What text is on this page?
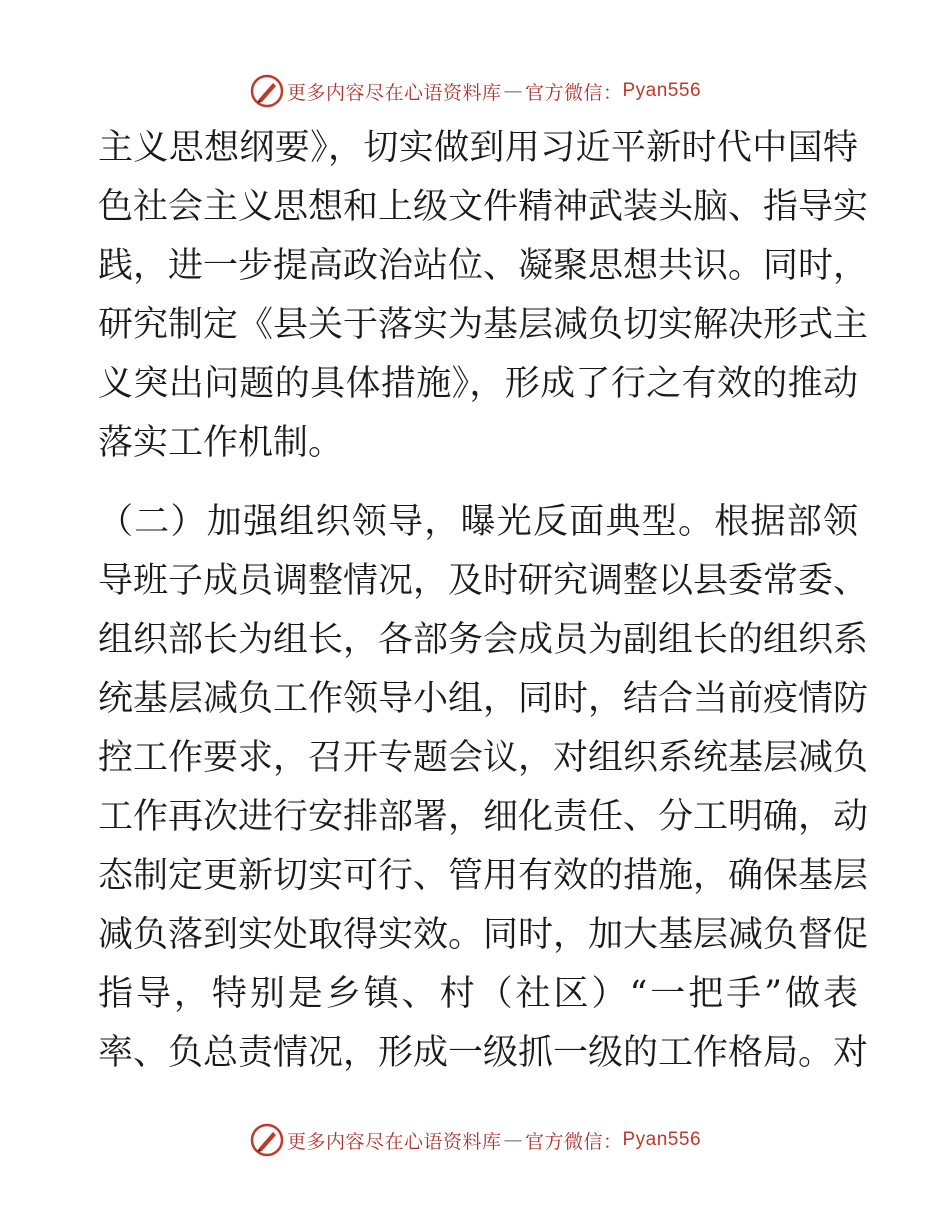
更多内容尽在心语资料库 — 官方微信： Pyan556
主义思想纲要》，切实做到用习近平新时代中国特
色社会主义思想和上级文件精神武装头脑、指导实
践，进一步提高政治站位、凝聚思想共识。同时，
研究制定《县关于落实为基层减负切实解决形式主
义突出问题的具体措施》，形成了行之有效的推动
落实工作机制。
（二）加强组织领导，曝光反面典型。根据部领
导班子成员调整情况，及时研究调整以县委常委、
组织部长为组长，各部务会成员为副组长的组织系
统基层减负工作领导小组，同时，结合当前疫情防
控工作要求，召开专题会议，对组织系统基层减负
工作再次进行安排部署，细化责任、分工明确，动
态制定更新切实可行、管用有效的措施，确保基层
减负落到实处取得实效。同时，加大基层减负督促
指导，特别是乡镇、村（社区）“一把手”做表
率、负总责情况，形成一级抓一级的工作格局。对
更多内容尽在心语资料库 — 官方微信： Pyan556
